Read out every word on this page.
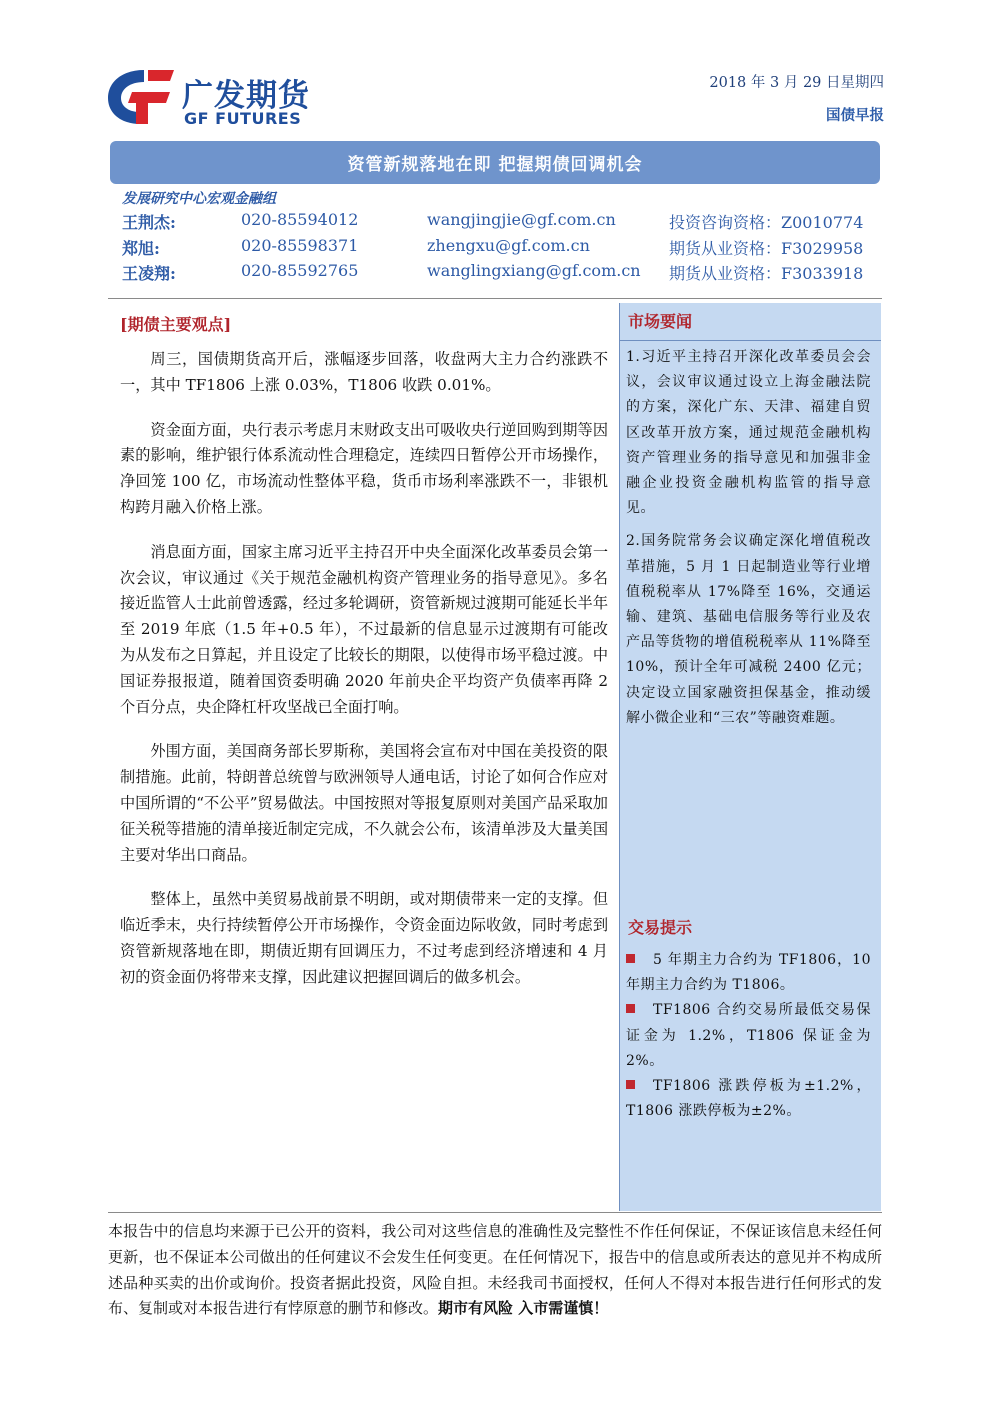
广发期货
GF FUTURES
2018 年 3 月 29 日星期四
国债早报
资管新规落地在即 把握期债回调机会
发展研究中心宏观金融组
王荆杰:	020-85594012	wangjingjie@gf.com.cn	投资咨询资格：Z0010774
郑旭:	020-85598371	zhengxu@gf.com.cn	期货从业资格：F3029958
王凌翔:	020-85592765	wanglingxiang@gf.com.cn 期货从业资格：F3033918
[期债主要观点]

周三，国债期货高开后，涨幅逐步回落，收盘两大主力合约涨跌不一，其中 TF1806 上涨 0.03%，T1806 收跌 0.01%。

资金面方面，央行表示考虑月末财政支出可吸收央行逆回购到期等因素的影响，维护银行体系流动性合理稳定，连续四日暂停公开市场操作，净回笼 100 亿，市场流动性整体平稳，货币市场利率涨跌不一，非银机构跨月融入价格上涨。

消息面方面，国家主席习近平主持召开中央全面深化改革委员会第一次会议，审议通过《关于规范金融机构资产管理业务的指导意见》。多名接近监管人士此前曾透露，经过多轮调研，资管新规过渡期可能延长半年至 2019 年底（1.5 年+0.5 年），不过最新的信息显示过渡期有可能改为从发布之日算起，并且设定了比较长的期限，以使得市场平稳过渡。中国证券报报道，随着国资委明确 2020 年前央企平均资产负债率再降 2 个百分点，央企降杠杆攻坚战已全面打响。

外围方面，美国商务部长罗斯称，美国将会宣布对中国在美投资的限制措施。此前，特朗普总统曾与欧洲领导人通电话，讨论了如何合作应对中国所谓的“不公平”贸易做法。中国按照对等报复原则对美国产品采取加征关税等措施的清单接近制定完成，不久就会公布，该清单涉及大量美国主要对华出口商品。

整体上，虽然中美贸易战前景不明朗，或对期债带来一定的支撑。但临近季末，央行持续暂停公开市场操作，令资金面边际收敛，同时考虑到资管新规落地在即，期债近期有回调压力，不过考虑到经济增速和 4 月初的资金面仍将带来支撑，因此建议把握回调后的做多机会。

市场要闻

1.习近平主持召开深化改革委员会会议，会议审议通过设立上海金融法院的方案，深化广东、天津、福建自贸区改革开放方案，通过规范金融机构资产管理业务的指导意见和加强非金融企业投资金融机构监管的指导意见。

2.国务院常务会议确定深化增值税改革措施，5 月 1 日起制造业等行业增值税税率从 17%降至 16%，交通运输、建筑、基础电信服务等行业及农产品等货物的增值税税率从 11%降至 10%，预计全年可减税 2400 亿元；决定设立国家融资担保基金，推动缓解小微企业和“三农”等融资难题。

交易提示

5 年期主力合约为 TF1806，10 年期主力合约为 T1806。

TF1806 合约交易所最低交易保证金为 1.2%，T1806 保证金为 2%。

TF1806 涨跌停板为±1.2%，T1806 涨跌停板为±2%。

本报告中的信息均来源于已公开的资料，我公司对这些信息的准确性及完整性不作任何保证，不保证该信息未经任何更新，也不保证本公司做出的任何建议不会发生任何变更。在任何情况下，报告中的信息或所表达的意见并不构成所述品种买卖的出价或询价。投资者据此投资，风险自担。未经我司书面授权，任何人不得对本报告进行任何形式的发布、复制或对本报告进行有悖原意的删节和修改。期市有风险 入市需谨慎！
